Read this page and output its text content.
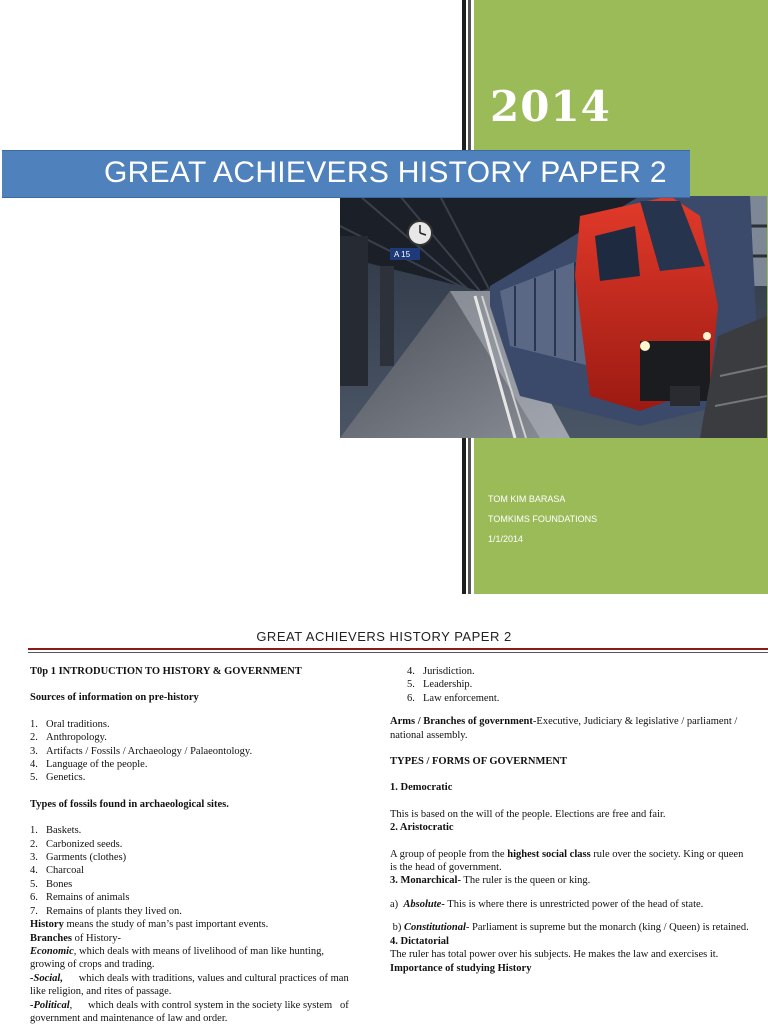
2014
A 15
GREAT ACHIEVERS HISTORY PAPER 2
TOM KIM BARASA
TOMKIMS FOUNDATIONS
1/1/2014
GREAT ACHIEVERS HISTORY PAPER 2

T0p 1 INTRODUCTION TO HISTORY & GOVERNMENT

Sources of information on pre-history

1. Oral traditions.
2. Anthropology.
3. Artifacts / Fossils / Archaeology / Palaeontology.
4. Language of the people.
5. Genetics.

Types of fossils found in archaeological sites.

1. Baskets.
2. Carbonized seeds.
3. Garments (clothes)
4. Charcoal
5. Bones
6. Remains of animals
7. Remains of plants they lived on.

History means the study of man’s past important events.

Branches of History-

Economic, which deals with means of livelihood of man like hunting, growing of crops and trading.

-Social,      which deals with traditions, values and cultural practices of man like religion, and rites of passage.

-Political,      which deals with control system in the society like system   of government and maintenance of law and order.

4. Jurisdiction.
5. Leadership.
6. Law enforcement.

Arms / Branches of government-Executive, Judiciary & legislative / parliament / national assembly.

TYPES / FORMS OF GOVERNMENT

1. Democratic

This is based on the will of the people. Elections are free and fair.

2. Aristocratic

A group of people from the highest social class rule over the society. King or queen is the head of government.

3. Monarchical- The ruler is the queen or king.

a)  Absolute- This is where there is unrestricted power of the head of state.

b) Constitutional- Parliament is supreme but the monarch (king / Queen) is retained.

4. Dictatorial

The ruler has total power over his subjects. He makes the law and exercises it.

Importance of studying History
